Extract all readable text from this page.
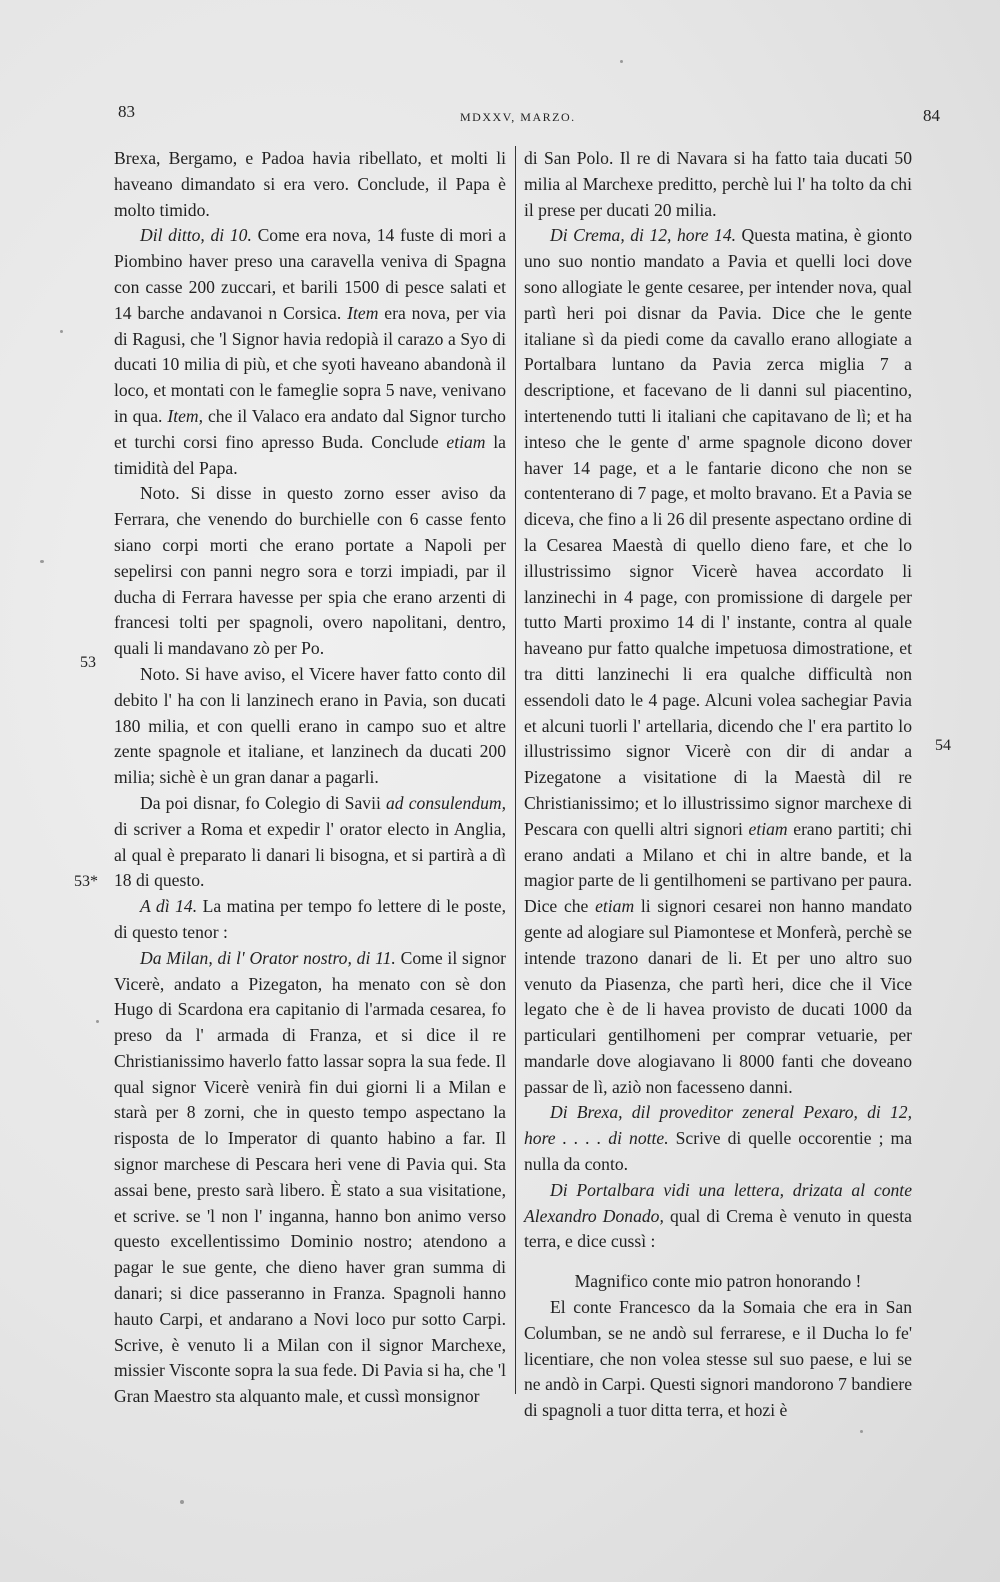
83	MDXXV, MARZO.	84
53
53*
54

Brexa, Bergamo, e Padoa havia ribellato, et molti li haveano dimandato si era vero. Conclude, il Papa è molto timido.

Dil ditto, di 10. Come era nova, 14 fuste di mori a Piombino haver preso una caravella veniva di Spagna con casse 200 zuccari, et barili 1500 di pesce salati et 14 barche andavanoi n Corsica. Item era nova, per via di Ragusi, che 'l Signor havia redopià il carazo a Syo di ducati 10 milia di più, et che syoti haveano abandonà il loco, et montati con le fameglie sopra 5 nave, venivano in qua. Item, che il Valaco era andato dal Signor turcho et turchi corsi fino apresso Buda. Conclude etiam la timidità del Papa.

Noto. Si disse in questo zorno esser aviso da Ferrara, che venendo do burchielle con 6 casse fento siano corpi morti che erano portate a Napoli per sepelirsi con panni negro sora e torzi impiadi, par il ducha di Ferrara havesse per spia che erano arzenti di francesi tolti per spagnoli, overo napolitani, dentro, quali li mandavano zò per Po.

Noto. Si have aviso, el Vicere haver fatto conto dil debito l' ha con li lanzinech erano in Pavia, son ducati 180 milia, et con quelli erano in campo suo et altre zente spagnole et italiane, et lanzinech da ducati 200 milia; sichè è un gran danar a pagarli.

Da poi disnar, fo Colegio di Savii ad consulendum, di scriver a Roma et expedir l' orator electo in Anglia, al qual è preparato li danari li bisogna, et si partirà a dì 18 di questo.

A dì 14. La matina per tempo fo lettere di le poste, di questo tenor :

Da Milan, di l' Orator nostro, di 11. Come il signor Vicerè, andato a Pizegaton, ha menato con sè don Hugo di Scardona era capitanio di l'armada cesarea, fo preso da l' armada di Franza, et si dice il re Christianissimo haverlo fatto lassar sopra la sua fede. Il qual signor Vicerè venirà fin dui giorni li a Milan e starà per 8 zorni, che in questo tempo aspectano la risposta de lo Imperator di quanto habino a far. Il signor marchese di Pescara heri vene di Pavia qui. Sta assai bene, presto sarà libero. È stato a sua visitatione, et scrive. se 'l non l' inganna, hanno bon animo verso questo excellentissimo Dominio nostro; atendono a pagar le sue gente, che dieno haver gran summa di danari; si dice passeranno in Franza. Spagnoli hanno hauto Carpi, et andarano a Novi loco pur sotto Carpi. Scrive, è venuto li a Milan con il signor Marchexe, missier Visconte sopra la sua fede. Di Pavia si ha, che 'l Gran Maestro sta alquanto male, et cussì monsignor

di San Polo. Il re di Navara si ha fatto taia ducati 50 milia al Marchexe preditto, perchè lui l' ha tolto da chi il prese per ducati 20 milia.

Di Crema, di 12, hore 14. Questa matina, è gionto uno suo nontio mandato a Pavia et quelli loci dove sono allogiate le gente cesaree, per intender nova, qual partì heri poi disnar da Pavia. Dice che le gente italiane sì da piedi come da cavallo erano allogiate a Portalbara luntano da Pavia zerca miglia 7 a descriptione, et facevano de li danni sul piacentino, intertenendo tutti li italiani che capitavano de lì; et ha inteso che le gente d' arme spagnole dicono dover haver 14 page, et a le fantarie dicono che non se contenterano di 7 page, et molto bravano. Et a Pavia se diceva, che fino a li 26 dil presente aspectano ordine di la Cesarea Maestà di quello dieno fare, et che lo illustrissimo signor Vicerè havea accordato li lanzinechi in 4 page, con promissione di dargele per tutto Marti proximo 14 di l' instante, contra al quale haveano pur fatto qualche impetuosa dimostratione, et tra ditti lanzinechi li era qualche difficultà non essendoli dato le 4 page. Alcuni volea sachegiar Pavia et alcuni tuorli l' artellaria, dicendo che l' era partito lo illustrissimo signor Vicerè con dir di andar a Pizegatone a visitatione di la Maestà dil re Christianissimo; et lo illustrissimo signor marchexe di Pescara con quelli altri signori etiam erano partiti; chi erano andati a Milano et chi in altre bande, et la magior parte de li gentilhomeni se partivano per paura. Dice che etiam li signori cesarei non hanno mandato gente ad alogiare sul Piamontese et Monferà, perchè se intende trazono danari de li. Et per uno altro suo venuto da Piasenza, che partì heri, dice che il Vice legato che è de li havea provisto de ducati 1000 da particulari gentilhomeni per comprar vetuarie, per mandarle dove alogiavano li 8000 fanti che doveano passar de lì, aziò non facesseno danni.

Di Brexa, dil proveditor zeneral Pexaro, di 12, hore . . . . di notte. Scrive di quelle occorentie ; ma nulla da conto.

Di Portalbara vidi una lettera, drizata al conte Alexandro Donado, qual di Crema è venuto in questa terra, e dice cussì :

Magnifico conte mio patron honorando !

El conte Francesco da la Somaia che era in San Columban, se ne andò sul ferrarese, e il Ducha lo fe' licentiare, che non volea stesse sul suo paese, e lui se ne andò in Carpi. Questi signori mandorono 7 bandiere di spagnoli a tuor ditta terra, et hozi è
